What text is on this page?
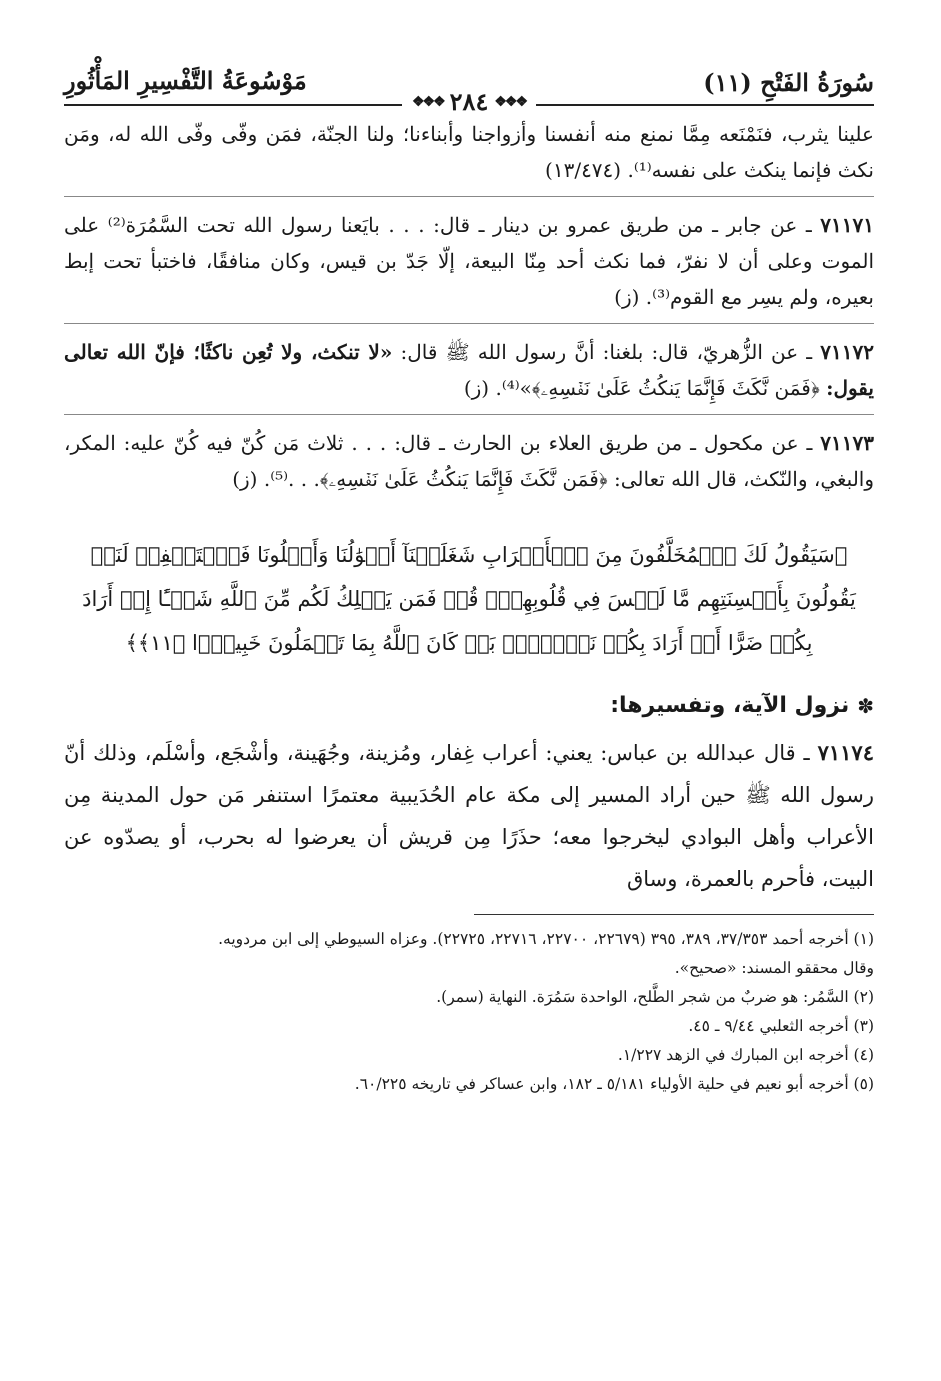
سُورَةُ الفَتْحِ (١١)
مَوْسُوعَةُ التَّفْسِيرِ المَأْثُورِ
❖❖❖
٢٨٤
❖❖❖

علينا يثرب، فنَمْنَعه مِمَّا نمنع منه أنفسنا وأزواجنا وأبناءنا؛ ولنا الجنّة، فمَن وفّى وفّى الله له، ومَن نكث فإنما ينكث على نفسه⁽¹⁾. (١٣/٤٧٤)

٧١١٧١ ـ عن جابر ـ من طريق عمرو بن دينار ـ قال: . . . بايَعنا رسول الله تحت السَّمُرَة⁽²⁾ على الموت وعلى أن لا نفرّ، فما نكث أحد مِنّا البيعة، إلّا جَدّ بن قيس، وكان منافقًا، فاختبأ تحت إبط بعيره، ولم يسِر مع القوم⁽³⁾. (ز)

٧١١٧٢ ـ عن الزُّهريّ، قال: بلغنا: أنَّ رسول الله ﷺ قال: «لا تنكث، ولا تُعِن ناكثًا؛ فإنّ الله تعالى يقول: ﴿فَمَن نَّكَثَ فَإِنَّمَا يَنكُثُ عَلَىٰ نَفۡسِهِۦ﴾»⁽⁴⁾. (ز)

٧١١٧٣ ـ عن مكحول ـ من طريق العلاء بن الحارث ـ قال: . . . ثلاث مَن كُنّ فيه كُنّ عليه: المكر، والبغي، والنّكث، قال الله تعالى: ﴿فَمَن نَّكَثَ فَإِنَّمَا يَنكُثُ عَلَىٰ نَفۡسِهِۦ﴾. . .⁽⁵⁾. (ز)

﴿سَيَقُولُ لَكَ ٱلۡمُخَلَّفُونَ مِنَ ٱلۡأَعۡرَابِ شَغَلَتۡنَآ أَمۡوَٰلُنَا وَأَهۡلُونَا فَٱسۡتَغۡفِرۡ لَنَاۚ يَقُولُونَ بِأَلۡسِنَتِهِم مَّا لَيۡسَ فِي قُلُوبِهِمۡۚ قُلۡ فَمَن يَمۡلِكُ لَكُم مِّنَ ٱللَّهِ شَيۡـًٔا إِنۡ أَرَادَ بِكُمۡ ضَرًّا أَوۡ أَرَادَ بِكُمۡ نَفۡعَۢاۚ بَلۡ كَانَ ٱللَّهُ بِمَا تَعۡمَلُونَ خَبِيرَۢا ﴿١١﴾﴾

✽
نزول الآية، وتفسيرها:

٧١١٧٤ ـ قال عبدالله بن عباس: يعني: أعراب غِفار، ومُزينة، وجُهَينة، وأشْجَع، وأسْلَم، وذلك أنّ رسول الله ﷺ حين أراد المسير إلى مكة عام الحُدَيبية معتمرًا استنفر مَن حول المدينة مِن الأعراب وأهل البوادي ليخرجوا معه؛ حذَرًا مِن قريش أن يعرضوا له بحرب، أو يصدّوه عن البيت، فأحرم بالعمرة، وساق

(١) أخرجه أحمد ٣٧/٣٥٣، ٣٨٩، ٣٩٥ (٢٢٦٧٩، ٢٢٧٠٠، ٢٢٧١٦، ٢٢٧٢٥). وعزاه السيوطي إلى ابن مردويه.

وقال محققو المسند: «صحيح».

(٢) السَّمُر: هو ضربٌ من شجر الطَّلح، الواحدة سَمُرَة. النهاية (سمر).

(٣) أخرجه الثعلبي ٩/٤٤ ـ ٤٥.

(٤) أخرجه ابن المبارك في الزهد ١/٢٢٧.

(٥) أخرجه أبو نعيم في حلية الأولياء ٥/١٨١ ـ ١٨٢، وابن عساكر في تاريخه ٦٠/٢٢٥.
